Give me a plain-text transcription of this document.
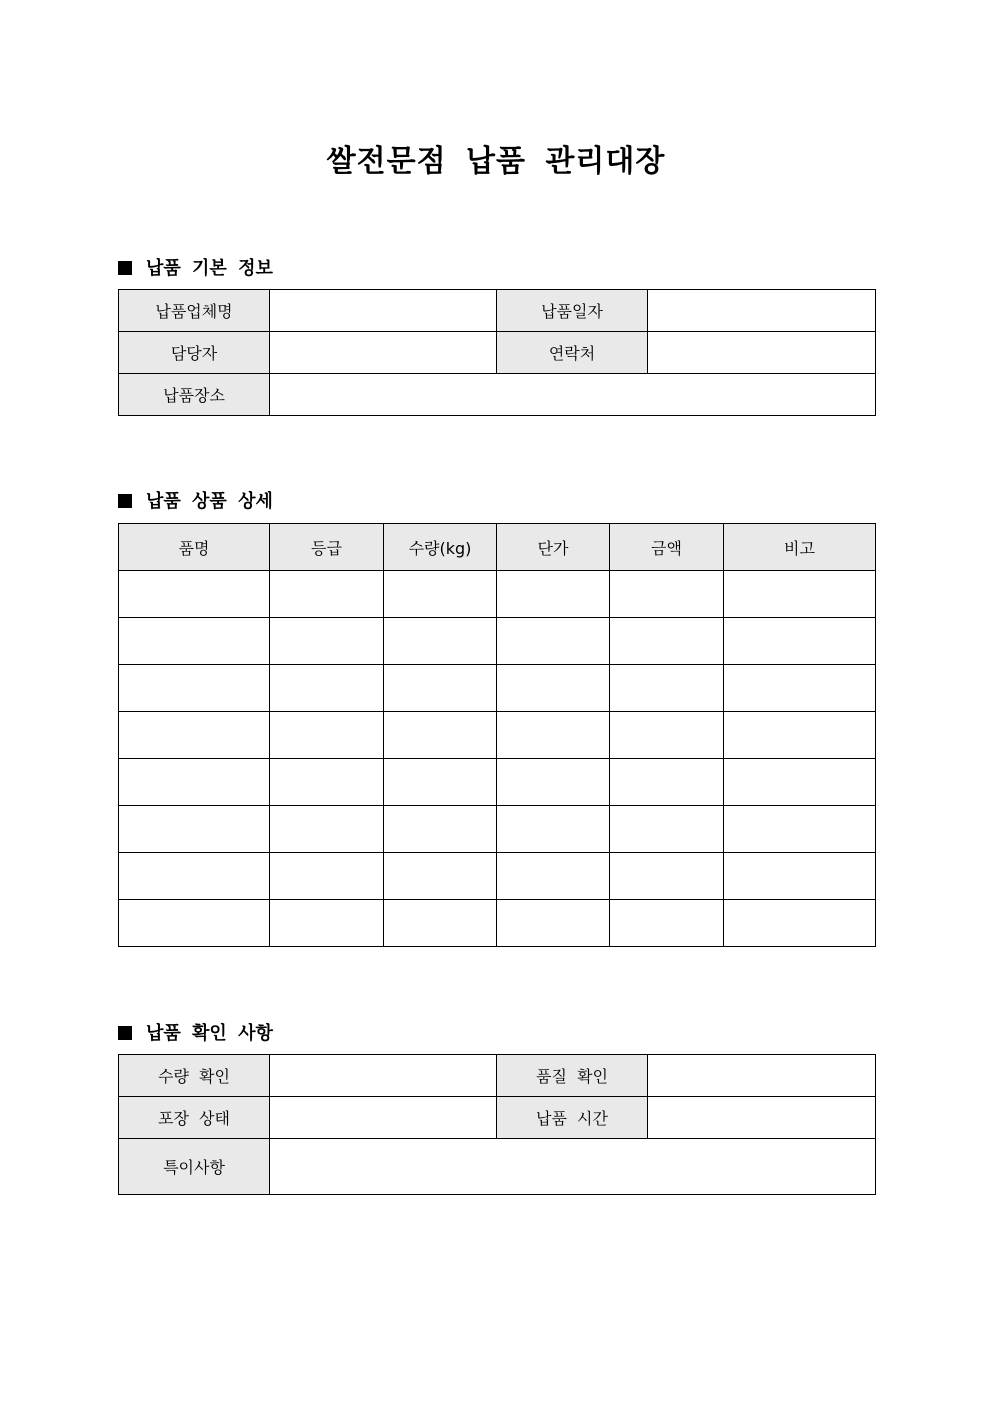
쌀전문점 납품 관리대장
납품 기본 정보
납품업체명		납품일자	
담당자		연락처	
납품장소			
납품 상품 상세
품명	등급	수량(kg)	단가	금액	비고

납품 확인 사항
수량 확인		품질 확인	
포장 상태		납품 시간	
특이사항			
